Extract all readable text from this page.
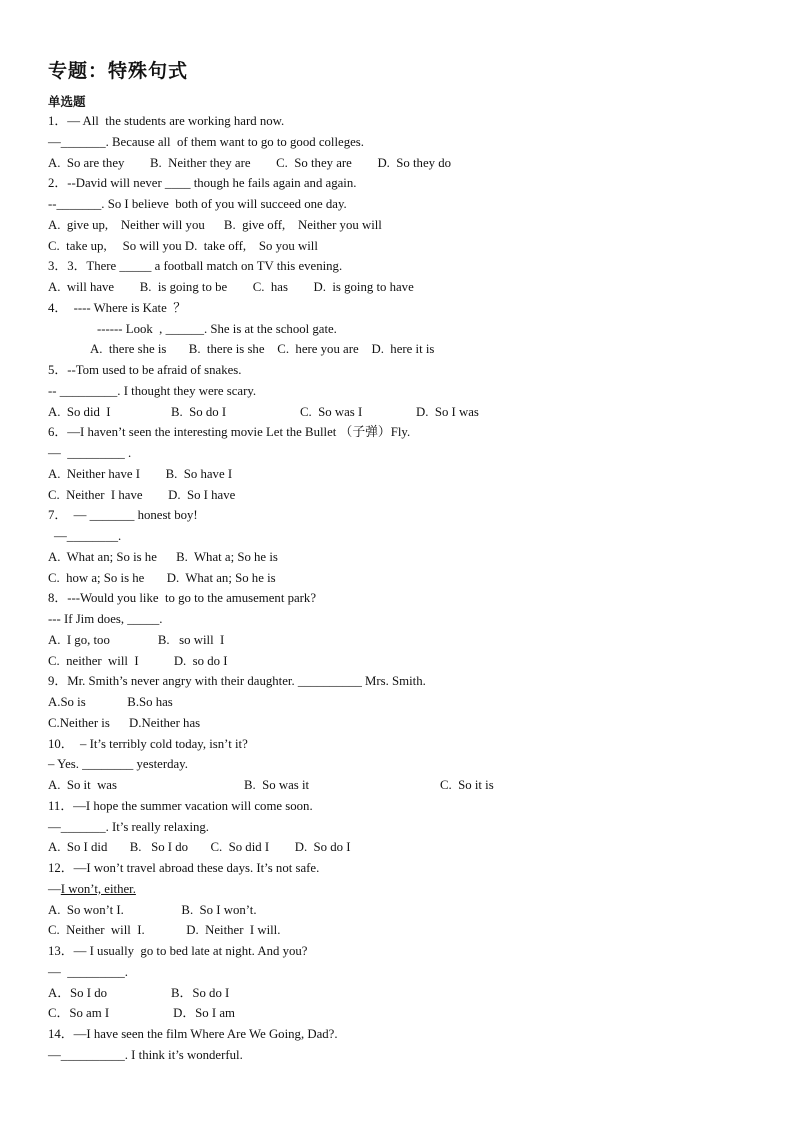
专题：特殊句式
单选题
1．— All  the students are working hard now.
—_______. Because all  of them want to go to good colleges.
A.  So are they        B.  Neither they are        C.  So they are        D.  So they do
2．--David will never ____ though he fails again and again.
--_______. So I believe  both of you will succeed one day.
A.  give up,    Neither will you      B.  give off,    Neither you will
C.  take up,     So will you D.  take off,    So you will
3．3．There _____ a football match on TV this evening.
A.  will have        B.  is going to be        C.  has        D.  is going to have
4．  ---- Where is Kate  ？
------ Look  , ______. She is at the school gate.
A.  there she is       B.  there is she    C.  here you are    D.  here it is
5．--Tom used to be afraid of snakes.
-- _________. I thought they were scary.

A.  So did  I

	B.  So do I

	C.  So was I

	D.  So I was

6．—I haven’t seen the interesting movie Let the Bullet （子弹）Fly.
—  _________ .
A.  Neither have I        B.  So have I
C.  Neither  I have        D.  So I have
7．  — _______ honest boy!
—________.
A.  What an; So is he      B.  What a; So he is
C.  how a; So is he       D.  What an; So he is
8．---Would you like  to go to the amusement park?
--- If Jim does, _____.
A.  I go, too               B.   so will  I
C.  neither  will  I           D.  so do I
9．Mr. Smith’s never angry with their daughter. __________ Mrs. Smith.
A.So is             B.So has
C.Neither is      D.Neither has
10．  – It’s terribly cold today, isn’t it?
– Yes. ________ yesterday.

A.  So it  was

	B.  So was it

	C.  So it is

11．—I hope the summer vacation will come soon.
—_______. It’s really relaxing.
A.  So I did       B.   So I do       C.  So did I        D.  So do I
12．—I won’t travel abroad these days. It’s not safe.
—I won’t, either.
A.  So won’t I.                  B.  So I won’t.
C.  Neither  will  I.             D.  Neither  I will.
13．— I usually  go to bed late at night. And you?
—  _________.
A．So I do                    B．So do I
C．So am I                    D．So I am
14．—I have seen the film Where Are We Going, Dad?.
—__________. I think it’s wonderful.
